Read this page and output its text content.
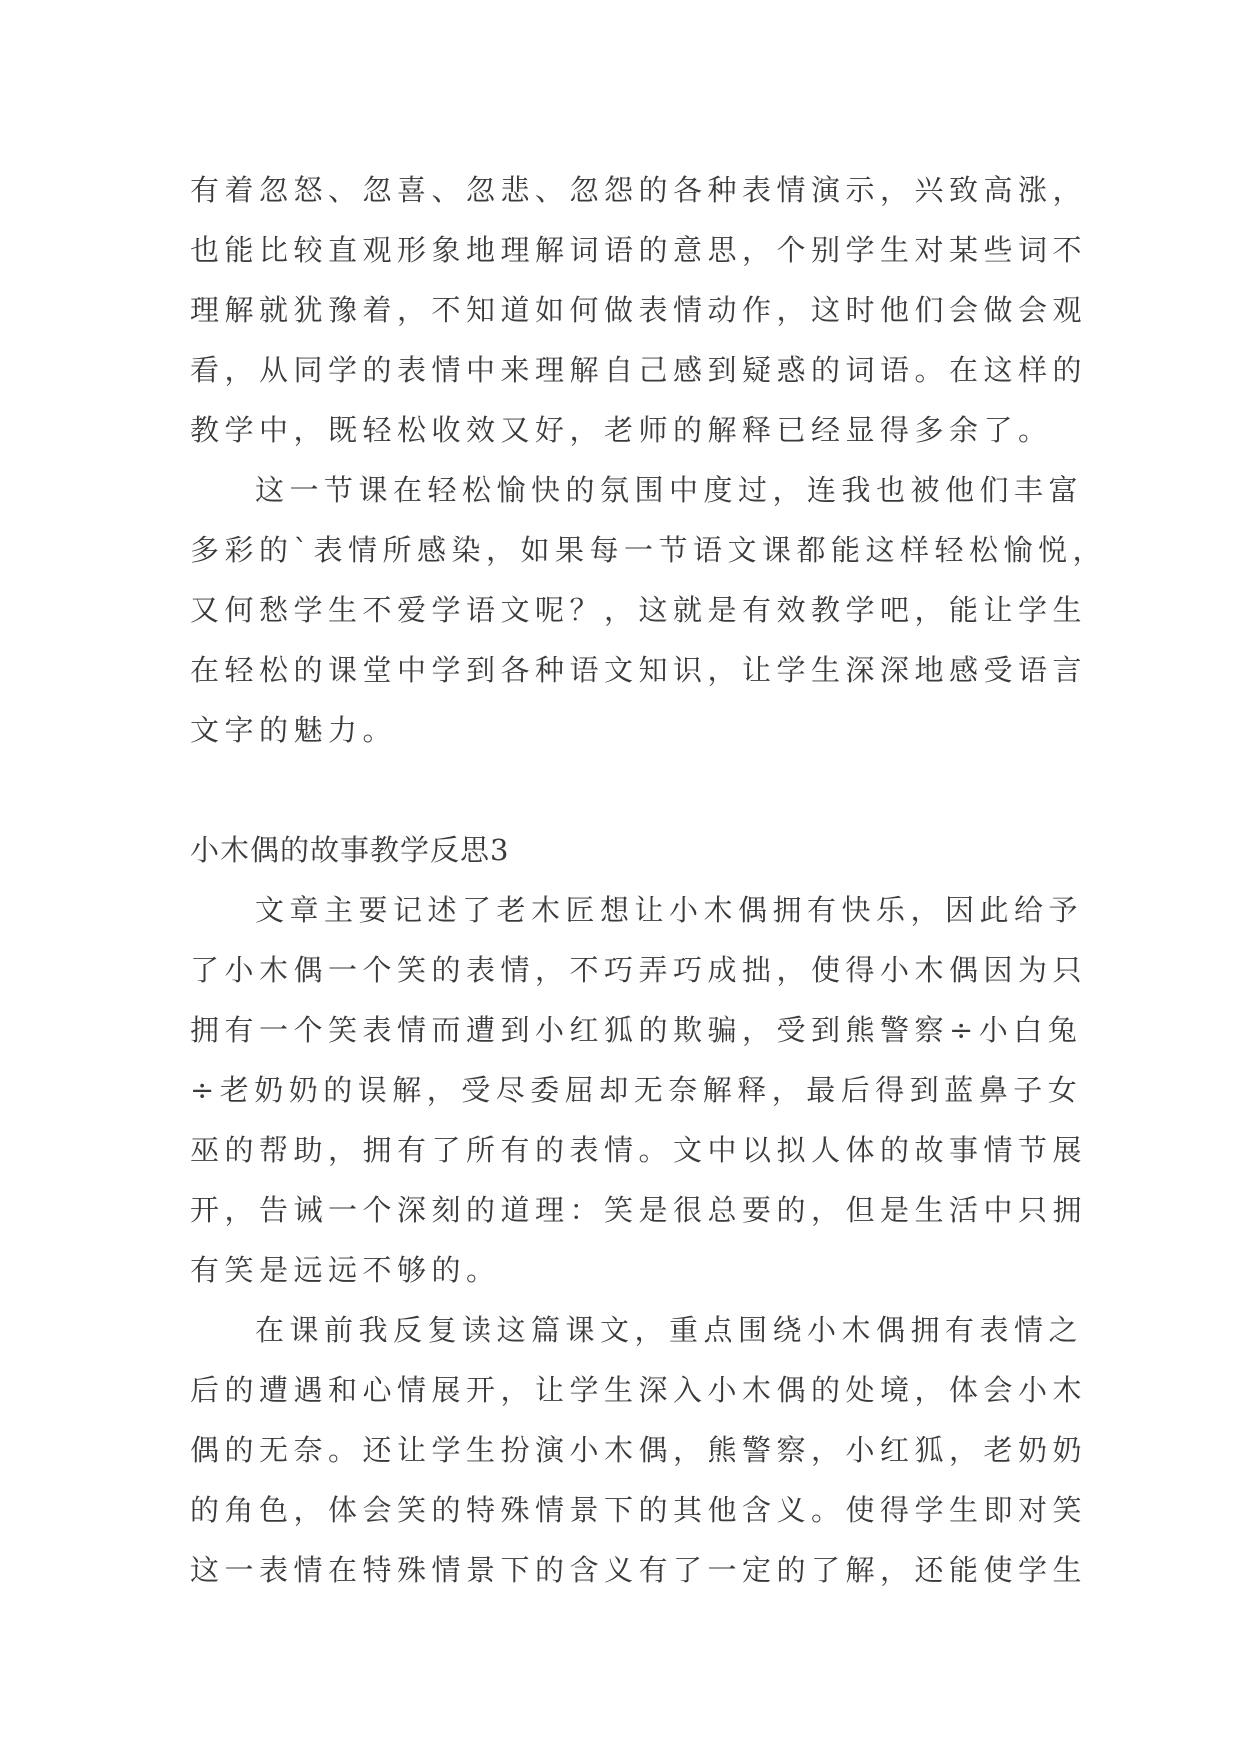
有着忽怒、忽喜、忽悲、忽怨的各种表情演示，兴致高涨，
也能比较直观形象地理解词语的意思，个别学生对某些词不
理解就犹豫着，不知道如何做表情动作，这时他们会做会观
看，从同学的表情中来理解自己感到疑惑的词语。在这样的
教学中，既轻松收效又好，老师的解释已经显得多余了。
这一节课在轻松愉快的氛围中度过，连我也被他们丰富
多彩的`表情所感染，如果每一节语文课都能这样轻松愉悦，
又何愁学生不爱学语文呢？，这就是有效教学吧，能让学生
在轻松的课堂中学到各种语文知识，让学生深深地感受语言
文字的魅力。
小木偶的故事教学反思3
文章主要记述了老木匠想让小木偶拥有快乐，因此给予
了小木偶一个笑的表情，不巧弄巧成拙，使得小木偶因为只
拥有一个笑表情而遭到小红狐的欺骗，受到熊警察÷小白兔
÷老奶奶的误解，受尽委屈却无奈解释，最后得到蓝鼻子女
巫的帮助，拥有了所有的表情。文中以拟人体的故事情节展
开，告诫一个深刻的道理：笑是很总要的，但是生活中只拥
有笑是远远不够的。
在课前我反复读这篇课文，重点围绕小木偶拥有表情之
后的遭遇和心情展开，让学生深入小木偶的处境，体会小木
偶的无奈。还让学生扮演小木偶，熊警察，小红狐，老奶奶
的角色，体会笑的特殊情景下的其他含义。使得学生即对笑
这一表情在特殊情景下的含义有了一定的了解，还能使学生
